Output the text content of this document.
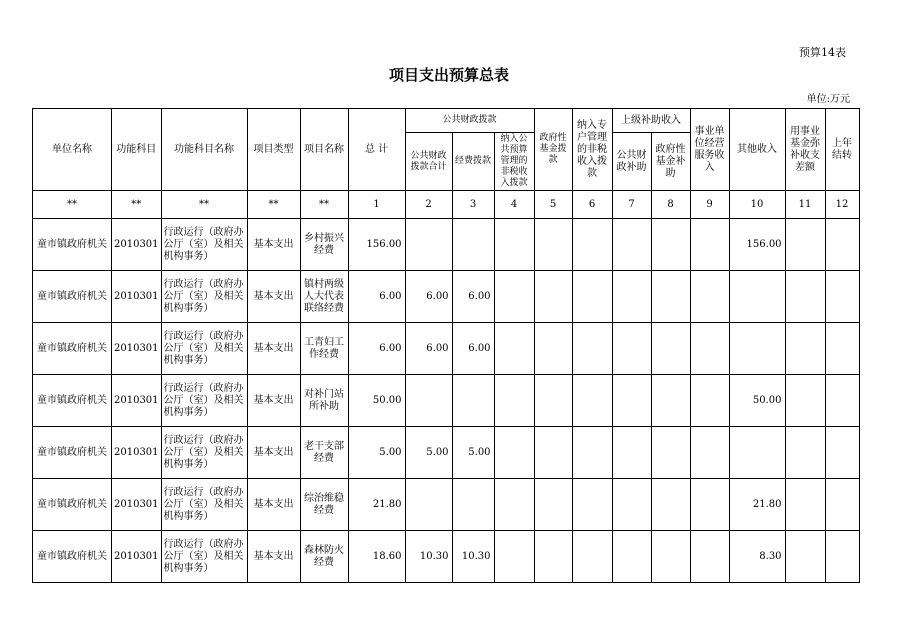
预算14表
项目支出预算总表
单位:万元
单位名称	功能科目	功能科目名称	项目类型	项目名称	总 计	公共财政拨款			政府性基金拨款	纳入专户管理的非税收入拨款	上级补助收入		事业单位经营服务收入	其他收入	用事业基金弥补收支差额	上年结转
						公共财政拨款合计	经费拨款	纳入公共预算管理的非税收入拨款			公共财政补助	政府性基金补助				
**	**	**	**	**	1	2	3	4	5	6	7	8	9	10	11	12
童市镇政府机关	2010301	行政运行（政府办公厅（室）及相关机构事务）	基本支出	乡村振兴经费	156.00									156.00		
童市镇政府机关	2010301	行政运行（政府办公厅（室）及相关机构事务）	基本支出	镇村两级人大代表联络经费	6.00	6.00	6.00									
童市镇政府机关	2010301	行政运行（政府办公厅（室）及相关机构事务）	基本支出	工青妇工作经费	6.00	6.00	6.00									
童市镇政府机关	2010301	行政运行（政府办公厅（室）及相关机构事务）	基本支出	对补门站所补助	50.00									50.00		
童市镇政府机关	2010301	行政运行（政府办公厅（室）及相关机构事务）	基本支出	老干支部经费	5.00	5.00	5.00									
童市镇政府机关	2010301	行政运行（政府办公厅（室）及相关机构事务）	基本支出	综治维稳经费	21.80									21.80		
童市镇政府机关	2010301	行政运行（政府办公厅（室）及相关机构事务）	基本支出	森林防火经费	18.60	10.30	10.30							8.30		
